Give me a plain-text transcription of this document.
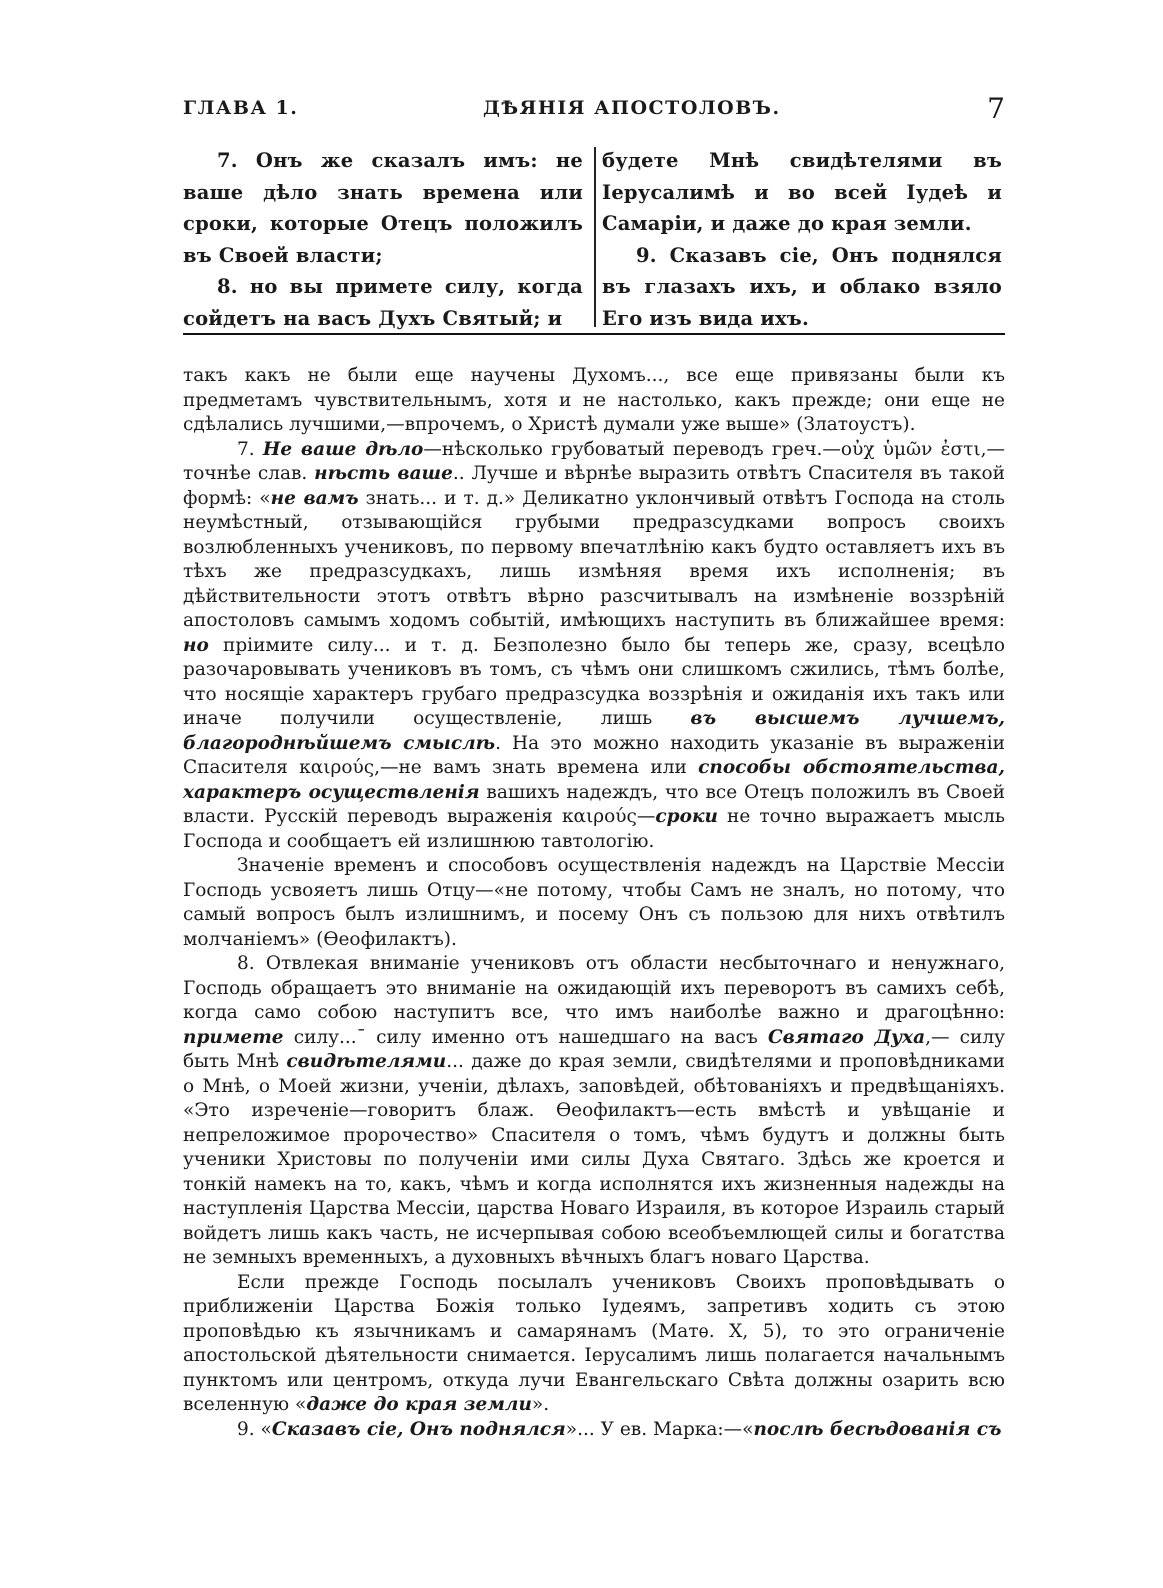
ГЛАВА 1.	ДѢЯНІЯ АПОСТОЛОВЪ.	7

7. Онъ же сказалъ имъ: не ваше дѣло знать времена или сроки, которые Отецъ положилъ въ Своей власти;

8. но вы примете силу, когда сойдетъ на васъ Духъ Святый; и

будете Мнѣ свидѣтелями въ Іерусалимѣ и во всей Іудеѣ и Самаріи, и даже до края земли.

9. Сказавъ сіе, Онъ поднялся въ глазахъ ихъ, и облако взяло Его изъ вида ихъ.

такъ какъ не были еще научены Духомъ..., все еще привязаны были къ предметамъ чувствительнымъ, хотя и не настолько, какъ прежде; они еще не сдѣлались лучшими,—впрочемъ, о Христѣ думали уже выше» (Златоустъ).

7. Не ваше дѣло—нѣсколько грубоватый переводъ греч.—οὐχ ὑμῶν ἐστι,— точнѣе слав. нѣсть ваше.. Лучше и вѣрнѣе выразить отвѣтъ Спасителя въ такой формѣ: «не вамъ знать... и т. д.» Деликатно уклончивый отвѣтъ Господа на столь неумѣстный, отзывающійся грубыми предразсудками вопросъ своихъ возлюбленныхъ учениковъ, по первому впечатлѣнію какъ будто оставляетъ ихъ въ тѣхъ же предразсудкахъ, лишь измѣняя время ихъ исполненія; въ дѣйствительности этотъ отвѣтъ вѣрно разсчитывалъ на измѣненіе воззрѣній апостоловъ самымъ ходомъ событій, имѣющихъ наступить въ ближайшее время: но пріимите силу... и т. д. Безполезно было бы теперь же, сразу, всецѣло разочаровывать учениковъ въ томъ, съ чѣмъ они слишкомъ сжились, тѣмъ болѣе, что носящіе характеръ грубаго предразсудка воззрѣнія и ожиданія ихъ такъ или иначе получили осуществленіе, лишь въ высшемъ лучшемъ, благороднѣйшемъ смыслѣ. На это можно находить указаніе въ выраженіи Спасителя καιρούς,—не вамъ знать времена или способы обстоятельства, характеръ осуществленія вашихъ надеждъ, что все Отецъ положилъ въ Своей власти. Русскій переводъ выраженія καιρούς—сроки не точно выражаетъ мысль Господа и сообщаетъ ей излишнюю тавтологію.

Значеніе временъ и способовъ осуществленія надеждъ на Царствіе Мессіи Господь усвояетъ лишь Отцу—«не потому, чтобы Самъ не зналъ, но потому, что самый вопросъ былъ излишнимъ, и посему Онъ съ пользою для нихъ отвѣтилъ молчаніемъ» (Ѳеофилактъ).

8. Отвлекая вниманіе учениковъ отъ области несбыточнаго и ненужнаго, Господь обращаетъ это вниманіе на ожидающій ихъ переворотъ въ самихъ себѣ, когда само собою наступитъ все, что имъ наиболѣе важно и драгоцѣнно: примете силу...¯ силу именно отъ нашедшаго на васъ Святаго Духа,— силу быть Мнѣ свидѣтелями... даже до края земли, свидѣтелями и проповѣдниками о Мнѣ, о Моей жизни, ученіи, дѣлахъ, заповѣдей, обѣтованіяхъ и предвѣщаніяхъ. «Это изреченіе—говоритъ блаж. Ѳеофилактъ—есть вмѣстѣ и увѣщаніе и непреложимое пророчество» Спасителя о томъ, чѣмъ будутъ и должны быть ученики Христовы по полученіи ими силы Духа Святаго. Здѣсь же кроется и тонкій намекъ на то, какъ, чѣмъ и когда исполнятся ихъ жизненныя надежды на наступленія Царства Мессіи, царства Новаго Израиля, въ которое Израиль старый войдетъ лишь какъ часть, не исчерпывая собою всеобъемлющей силы и богатства не земныхъ временныхъ, а духовныхъ вѣчныхъ благъ новаго Царства.

Если прежде Господь посылалъ учениковъ Своихъ проповѣдывать о приближеніи Царства Божія только Іудеямъ, запретивъ ходить съ этою проповѣдью къ язычникамъ и самарянамъ (Матѳ. X, 5), то это ограниченіе апостольской дѣятельности снимается. Іерусалимъ лишь полагается начальнымъ пунктомъ или центромъ, откуда лучи Евангельскаго Свѣта должны озарить всю вселенную «даже до края земли».

9. «Сказавъ сіе, Онъ поднялся»... У ев. Марка:—«послѣ бесѣдованія съ
